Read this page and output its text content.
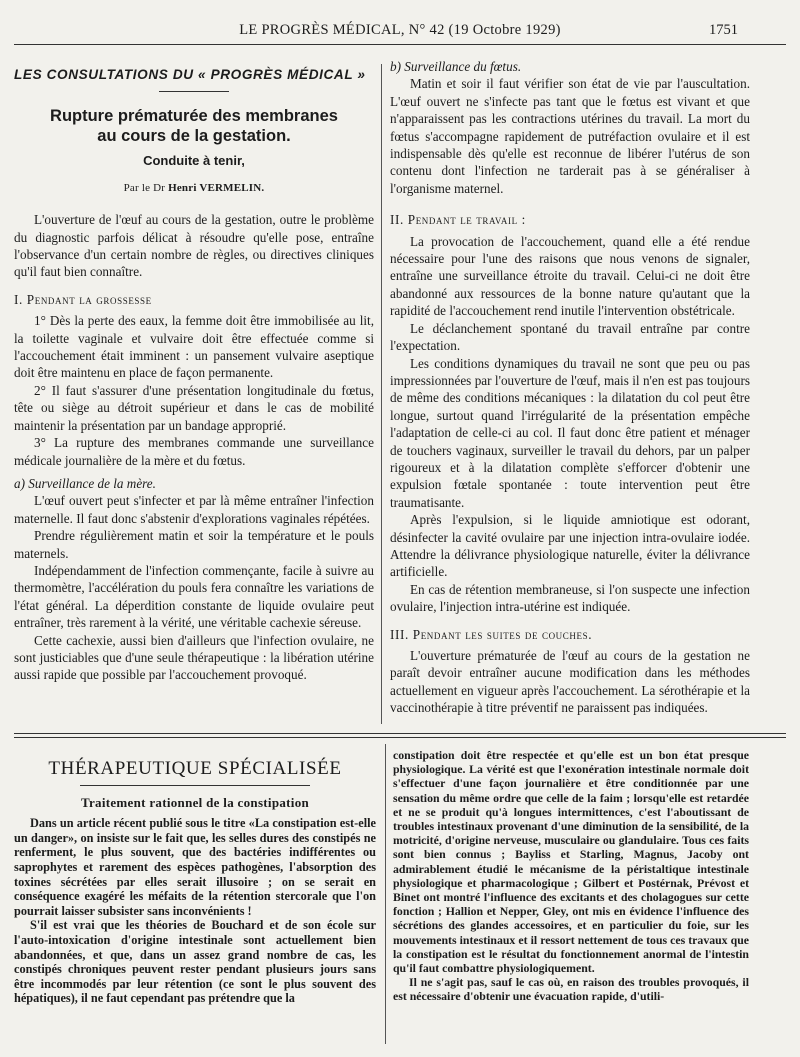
LE PROGRÈS MÉDICAL, N° 42 (19 Octobre 1929)	1751
LES CONSULTATIONS DU « PROGRÈS MÉDICAL »
Rupture prématurée des membranes
au cours de la gestation.
Conduite à tenir,
Par le Dr Henri VERMELIN.

L'ouverture de l'œuf au cours de la gestation, outre le problème du diagnostic parfois délicat à résoudre qu'elle pose, entraîne l'observance d'un certain nombre de règles, ou directives cliniques qu'il faut bien connaître.

I. Pendant la grossesse

1° Dès la perte des eaux, la femme doit être immobilisée au lit, la toilette vaginale et vulvaire doit être effectuée comme si l'accouchement était imminent : un pansement vulvaire aseptique doit être maintenu en place de façon permanente.

2° Il faut s'assurer d'une présentation longitudinale du fœtus, tête ou siège au détroit supérieur et dans le cas de mobilité maintenir la présentation par un bandage approprié.

3° La rupture des membranes commande une surveillance médicale journalière de la mère et du fœtus.

a) Surveillance de la mère.

L'œuf ouvert peut s'infecter et par là même entraîner l'infection maternelle. Il faut donc s'abstenir d'explorations vaginales répétées.

Prendre régulièrement matin et soir la température et le pouls maternels.

Indépendamment de l'infection commençante, facile à suivre au thermomètre, l'accélération du pouls fera connaître les variations de l'état général. La déperdition constante de liquide ovulaire peut entraîner, très rarement à la vérité, une véritable cachexie séreuse.

Cette cachexie, aussi bien d'ailleurs que l'infection ovulaire, ne sont justiciables que d'une seule thérapeutique : la libération utérine aussi rapide que possible par l'accouchement provoqué.

b) Surveillance du fœtus.

Matin et soir il faut vérifier son état de vie par l'auscultation. L'œuf ouvert ne s'infecte pas tant que le fœtus est vivant et que n'apparaissent pas les contractions utérines du travail. La mort du fœtus s'accompagne rapidement de putréfaction ovulaire et il est indispensable dès qu'elle est reconnue de libérer l'utérus de son contenu dont l'infection ne tarderait pas à se généraliser à l'organisme maternel.

II. Pendant le travail :

La provocation de l'accouchement, quand elle a été rendue nécessaire pour l'une des raisons que nous venons de signaler, entraîne une surveillance étroite du travail. Celui-ci ne doit être abandonné aux ressources de la bonne nature qu'autant que la rapidité de l'accouchement rend inutile l'intervention obstétricale.

Le déclanchement spontané du travail entraîne par contre l'expectation.

Les conditions dynamiques du travail ne sont que peu ou pas impressionnées par l'ouverture de l'œuf, mais il n'en est pas toujours de même des conditions mécaniques : la dilatation du col peut être longue, surtout quand l'irrégularité de la présentation empêche l'adaptation de celle-ci au col. Il faut donc être patient et ménager de touchers vaginaux, surveiller le travail du dehors, par un palper rigoureux et à la dilatation complète s'efforcer d'obtenir une expulsion fœtale spontanée : toute intervention peut être traumatisante.

Après l'expulsion, si le liquide amniotique est odorant, désinfecter la cavité ovulaire par une injection intra-ovulaire iodée. Attendre la délivrance physiologique naturelle, éviter la délivrance artificielle.

En cas de rétention membraneuse, si l'on suspecte une infection ovulaire, l'injection intra-utérine est indiquée.

III. Pendant les suites de couches.

L'ouverture prématurée de l'œuf au cours de la gestation ne paraît devoir entraîner aucune modification dans les méthodes actuellement en vigueur après l'accouchement. La sérothérapie et la vaccinothérapie à titre préventif ne paraissent pas indiquées.

THÉRAPEUTIQUE SPÉCIALISÉE
Traitement rationnel de la constipation

Dans un article récent publié sous le titre «La constipation est-elle un danger», on insiste sur le fait que, les selles dures des constipés ne renferment, le plus souvent, que des bactéries indifférentes ou saprophytes et rarement des espèces pathogènes, l'absorption des toxines sécrétées par elles serait illusoire ; on se serait en conséquence exagéré les méfaits de la rétention stercorale que l'on pourrait laisser subsister sans inconvénients !

S'il est vrai que les théories de Bouchard et de son école sur l'auto-intoxication d'origine intestinale sont actuellement bien abandonnées, et que, dans un assez grand nombre de cas, les constipés chroniques peuvent rester pendant plusieurs jours sans être incommodés par leur rétention (ce sont le plus souvent des hépatiques), il ne faut cependant pas prétendre que la

constipation doit être respectée et qu'elle est un bon état presque physiologique. La vérité est que l'exonération intestinale normale doit s'effectuer d'une façon journalière et être conditionnée par une sensation du même ordre que celle de la faim ; lorsqu'elle est retardée et ne se produit qu'à longues intermittences, c'est l'aboutissant de troubles intestinaux provenant d'une diminution de la sensibilité, de la motricité, d'origine nerveuse, musculaire ou glandulaire. Tous ces faits sont bien connus ; Bayliss et Starling, Magnus, Jacoby ont admirablement étudié le mécanisme de la péristaltique intestinale physiologique et pharmacologique ; Gilbert et Postérnak, Prévost et Binet ont montré l'influence des excitants et des cholagogues sur cette fonction ; Hallion et Nepper, Gley, ont mis en évidence l'influence des sécrétions des glandes accessoires, et en particulier du foie, sur les mouvements intestinaux et il ressort nettement de tous ces travaux que la constipation est le résultat du fonctionnement anormal de l'intestin qu'il faut combattre physiologiquement.

Il ne s'agit pas, sauf le cas où, en raison des troubles provoqués, il est nécessaire d'obtenir une évacuation rapide, d'utili-
